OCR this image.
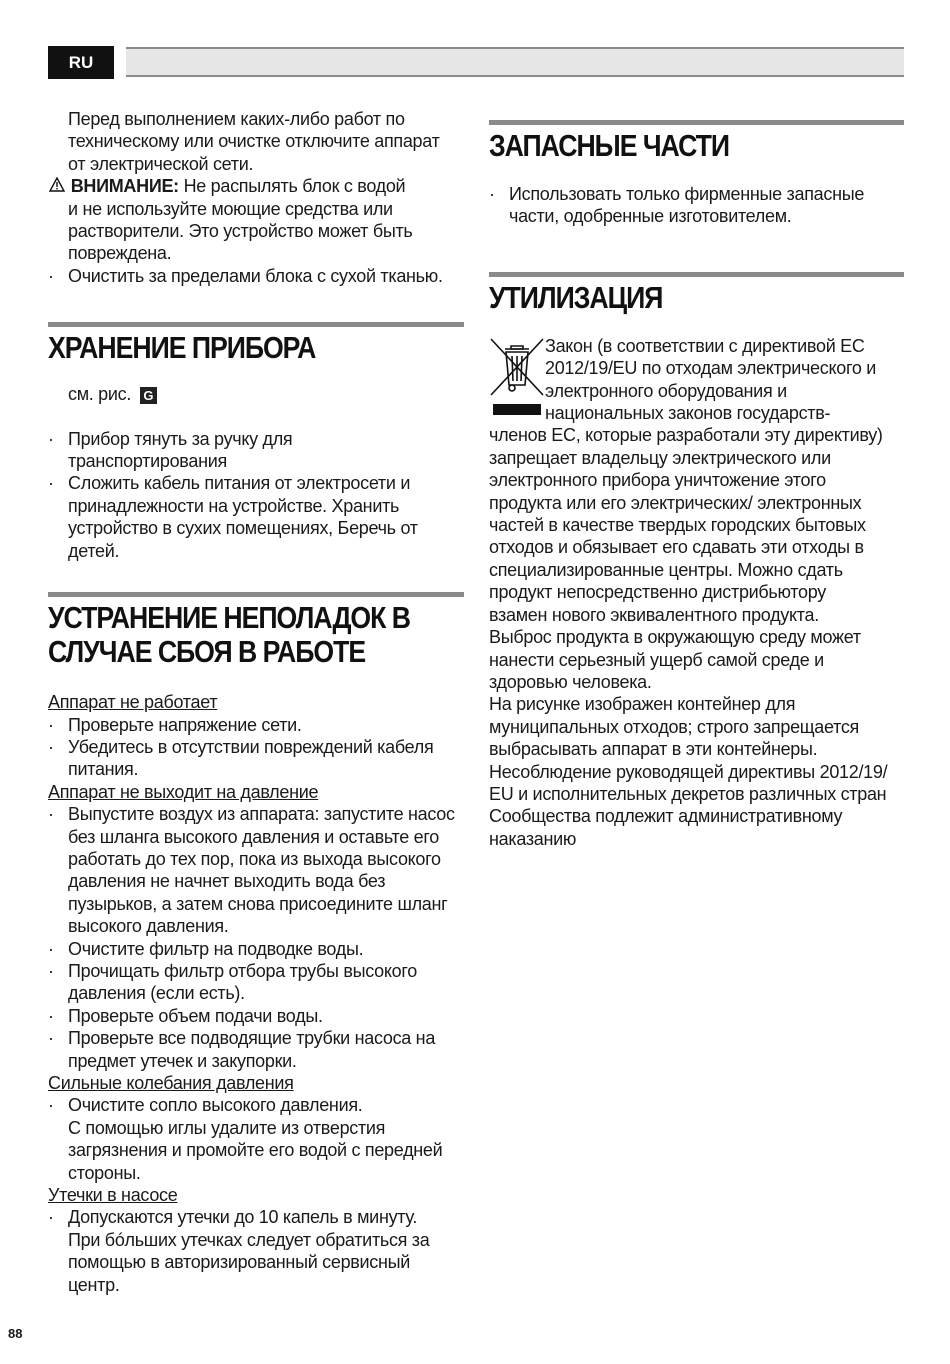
RU

Перед выполнением каких-либо работ по

техническому или очистке отключите аппарат

от электрической сети.

ВНИМАНИЕ: Не распылять блок с водой

и не используйте моющие средства или

растворители. Это устройство может быть

повреждена.

· Очистить за пределами блока с сухой тканью.
ХРАНЕНИЕ ПРИБОРА

см. рис. G

· Прибор тянуть за ручку для
транспортирования
· Сложить кабель питания от электросети и
принадлежности на устройстве. Хранить
устройство в сухих помещениях, Беречь от
детей.
УСТРАНЕНИЕ НЕПОЛАДОК В
СЛУЧАЕ СБОЯ В РАБОТЕ
Аппарат не работает
· Проверьте напряжение сети.
· Убедитесь в отсутствии повреждений кабеля
питания.
Аппарат не выходит на давление
· Выпустите воздух из аппарата: запустите насос
без шланга высокого давления и оставьте его
работать до тех пор, пока из выхода высокого
давления не начнет выходить вода без
пузырьков, а затем снова присоедините шланг
высокого давления.
· Очистите фильтр на подводке воды.
· Прочищать фильтр отбора трубы высокого
давления (если есть).
· Проверьте объем подачи воды.
· Проверьте все подводящие трубки насоса на
предмет утечек и закупорки.
Сильные колебания давления
· Очистите сопло высокого давления.
С помощью иглы удалите из отверстия
загрязнения и промойте его водой с передней
стороны.
Утечки в насосе
· Допускаются утечки до 10 капель в минуту.
При бóльших утечках следует обратиться за
помощью в авторизированный сервисный
центр.
ЗАПАСНЫЕ ЧАСТИ
· Использовать только фирменные запасные
части, одобренные изготовителем.
УТИЛИЗАЦИЯ

Закон (в соответствии с директивой ЕС

2012/19/EU по отходам электрического и

электронного оборудования и

национальных законов государств-

членов ЕС, которые разработали эту директиву)

запрещает владельцу электрического или

электронного прибора уничтожение этого

продукта или его электрических/ электронных

частей в качестве твердых городских бытовых

отходов и обязывает его сдавать эти отходы в

специализированные центры. Можно сдать

продукт непосредственно дистрибьютору

взамен нового эквивалентного продукта.

Выброс продукта в окружающую среду может

нанести серьезный ущерб самой среде и

здоровью человека.

На рисунке изображен контейнер для

муниципальных отходов; строго запрещается

выбрасывать аппарат в эти контейнеры.

Несоблюдение руководящей директивы 2012/19/

EU и исполнительных декретов различных стран

Сообщества подлежит административному

наказанию

88
